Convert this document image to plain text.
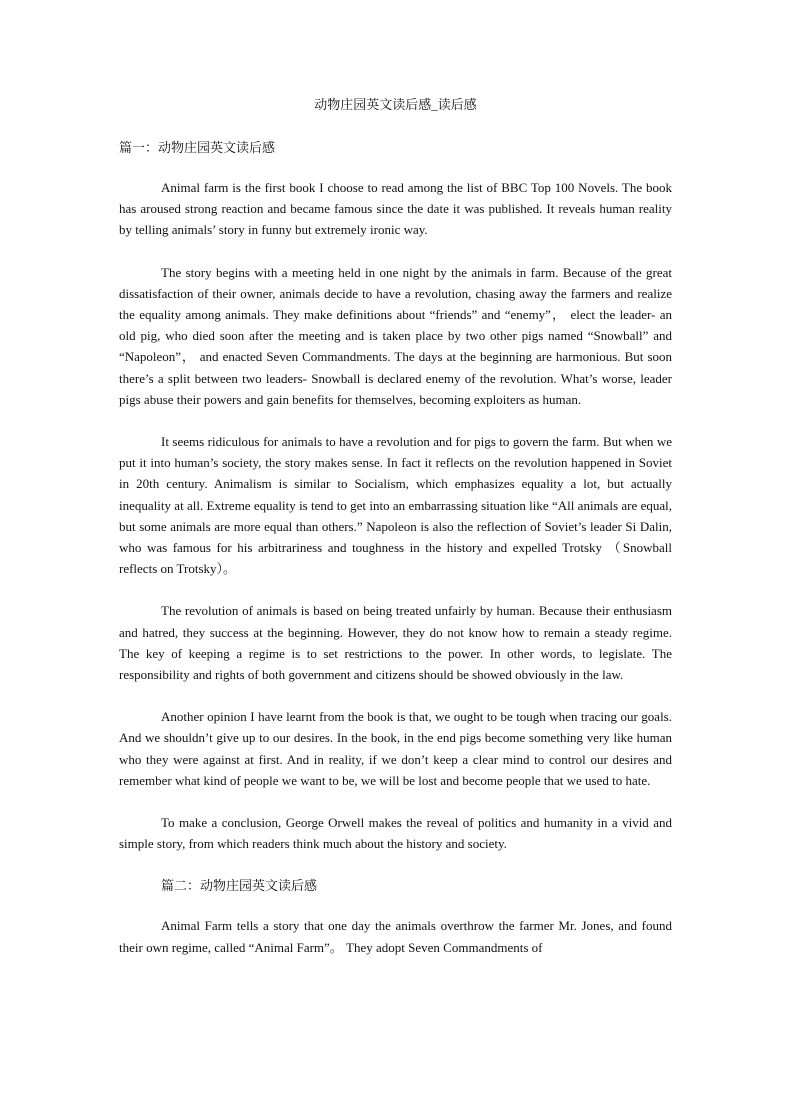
动物庄园英文读后感_读后感
篇一：动物庄园英文读后感

Animal farm is the first book I choose to read among the list of BBC Top 100 Novels. The book has aroused strong reaction and became famous since the date it was published. It reveals human reality by telling animals’ story in funny but extremely ironic way.

The story begins with a meeting held in one night by the animals in farm. Because of the great dissatisfaction of their owner, animals decide to have a revolution, chasing away the farmers and realize the equality among animals. They make definitions about “friends” and “enemy”， elect the leader- an old pig, who died soon after the meeting and is taken place by two other pigs named “Snowball” and “Napoleon”， and enacted Seven Commandments. The days at the beginning are harmonious. But soon there’s a split between two leaders- Snowball is declared enemy of the revolution. What’s worse, leader pigs abuse their powers and gain benefits for themselves, becoming exploiters as human.

It seems ridiculous for animals to have a revolution and for pigs to govern the farm. But when we put it into human’s society, the story makes sense. In fact it reflects on the revolution happened in Soviet in 20th century. Animalism is similar to Socialism, which emphasizes equality a lot, but actually inequality at all. Extreme equality is tend to get into an embarrassing situation like “All animals are equal, but some animals are more equal than others.” Napoleon is also the reflection of Soviet’s leader Si Dalin, who was famous for his arbitrariness and toughness in the history and expelled Trotsky （Snowball reflects on Trotsky）。

The revolution of animals is based on being treated unfairly by human. Because their enthusiasm and hatred, they success at the beginning. However, they do not know how to remain a steady regime. The key of keeping a regime is to set restrictions to the power. In other words, to legislate. The responsibility and rights of both government and citizens should be showed obviously in the law.

Another opinion I have learnt from the book is that, we ought to be tough when tracing our goals. And we shouldn’t give up to our desires. In the book, in the end pigs become something very like human who they were against at first. And in reality, if we don’t keep a clear mind to control our desires and remember what kind of people we want to be, we will be lost and become people that we used to hate.

To make a conclusion, George Orwell makes the reveal of politics and humanity in a vivid and simple story, from which readers think much about the history and society.

篇二：动物庄园英文读后感

Animal Farm tells a story that one day the animals overthrow the farmer Mr. Jones, and found their own regime, called “Animal Farm”。 They adopt Seven Commandments of
